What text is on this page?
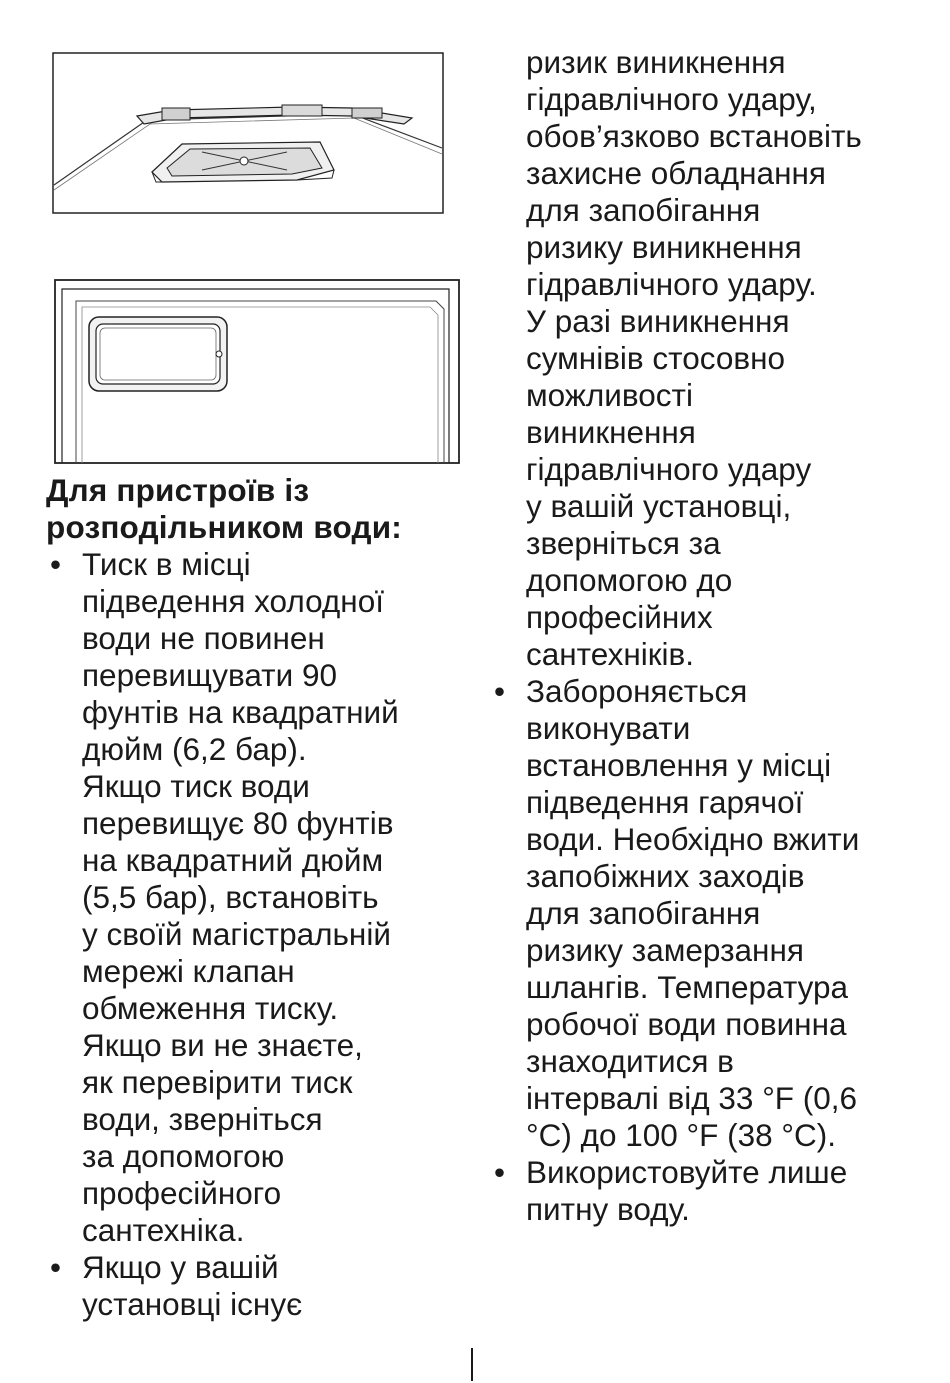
Для пристроїв із
розподільником води:
• Тиск в місці
підведення холодної
води не повинен
перевищувати 90
фунтів на квадратний
дюйм (6,2 бар).
Якщо тиск води
перевищує 80 фунтів
на квадратний дюйм
(5,5 бар), встановіть
у своїй магістральній
мережі клапан
обмеження тиску.
Якщо ви не знаєте,
як перевірити тиск
води, зверніться
за допомогою
професійного
сантехніка.
• Якщо у вашій
установці існує
ризик виникнення
гідравлічного удару,
обов’язково встановіть
захисне обладнання
для запобігання
ризику виникнення
гідравлічного удару.
У разі виникнення
сумнівів стосовно
можливості
виникнення
гідравлічного удару
у вашій установці,
зверніться за
допомогою до
професійних
сантехніків.
• Забороняється
виконувати
встановлення у місці
підведення гарячої
води. Необхідно вжити
запобіжних заходів
для запобігання
ризику замерзання
шлангів. Температура
робочої води повинна
знаходитися в
інтервалі від 33 °F (0,6
°C) до 100 °F (38 °C).
• Використовуйте лише
питну воду.
